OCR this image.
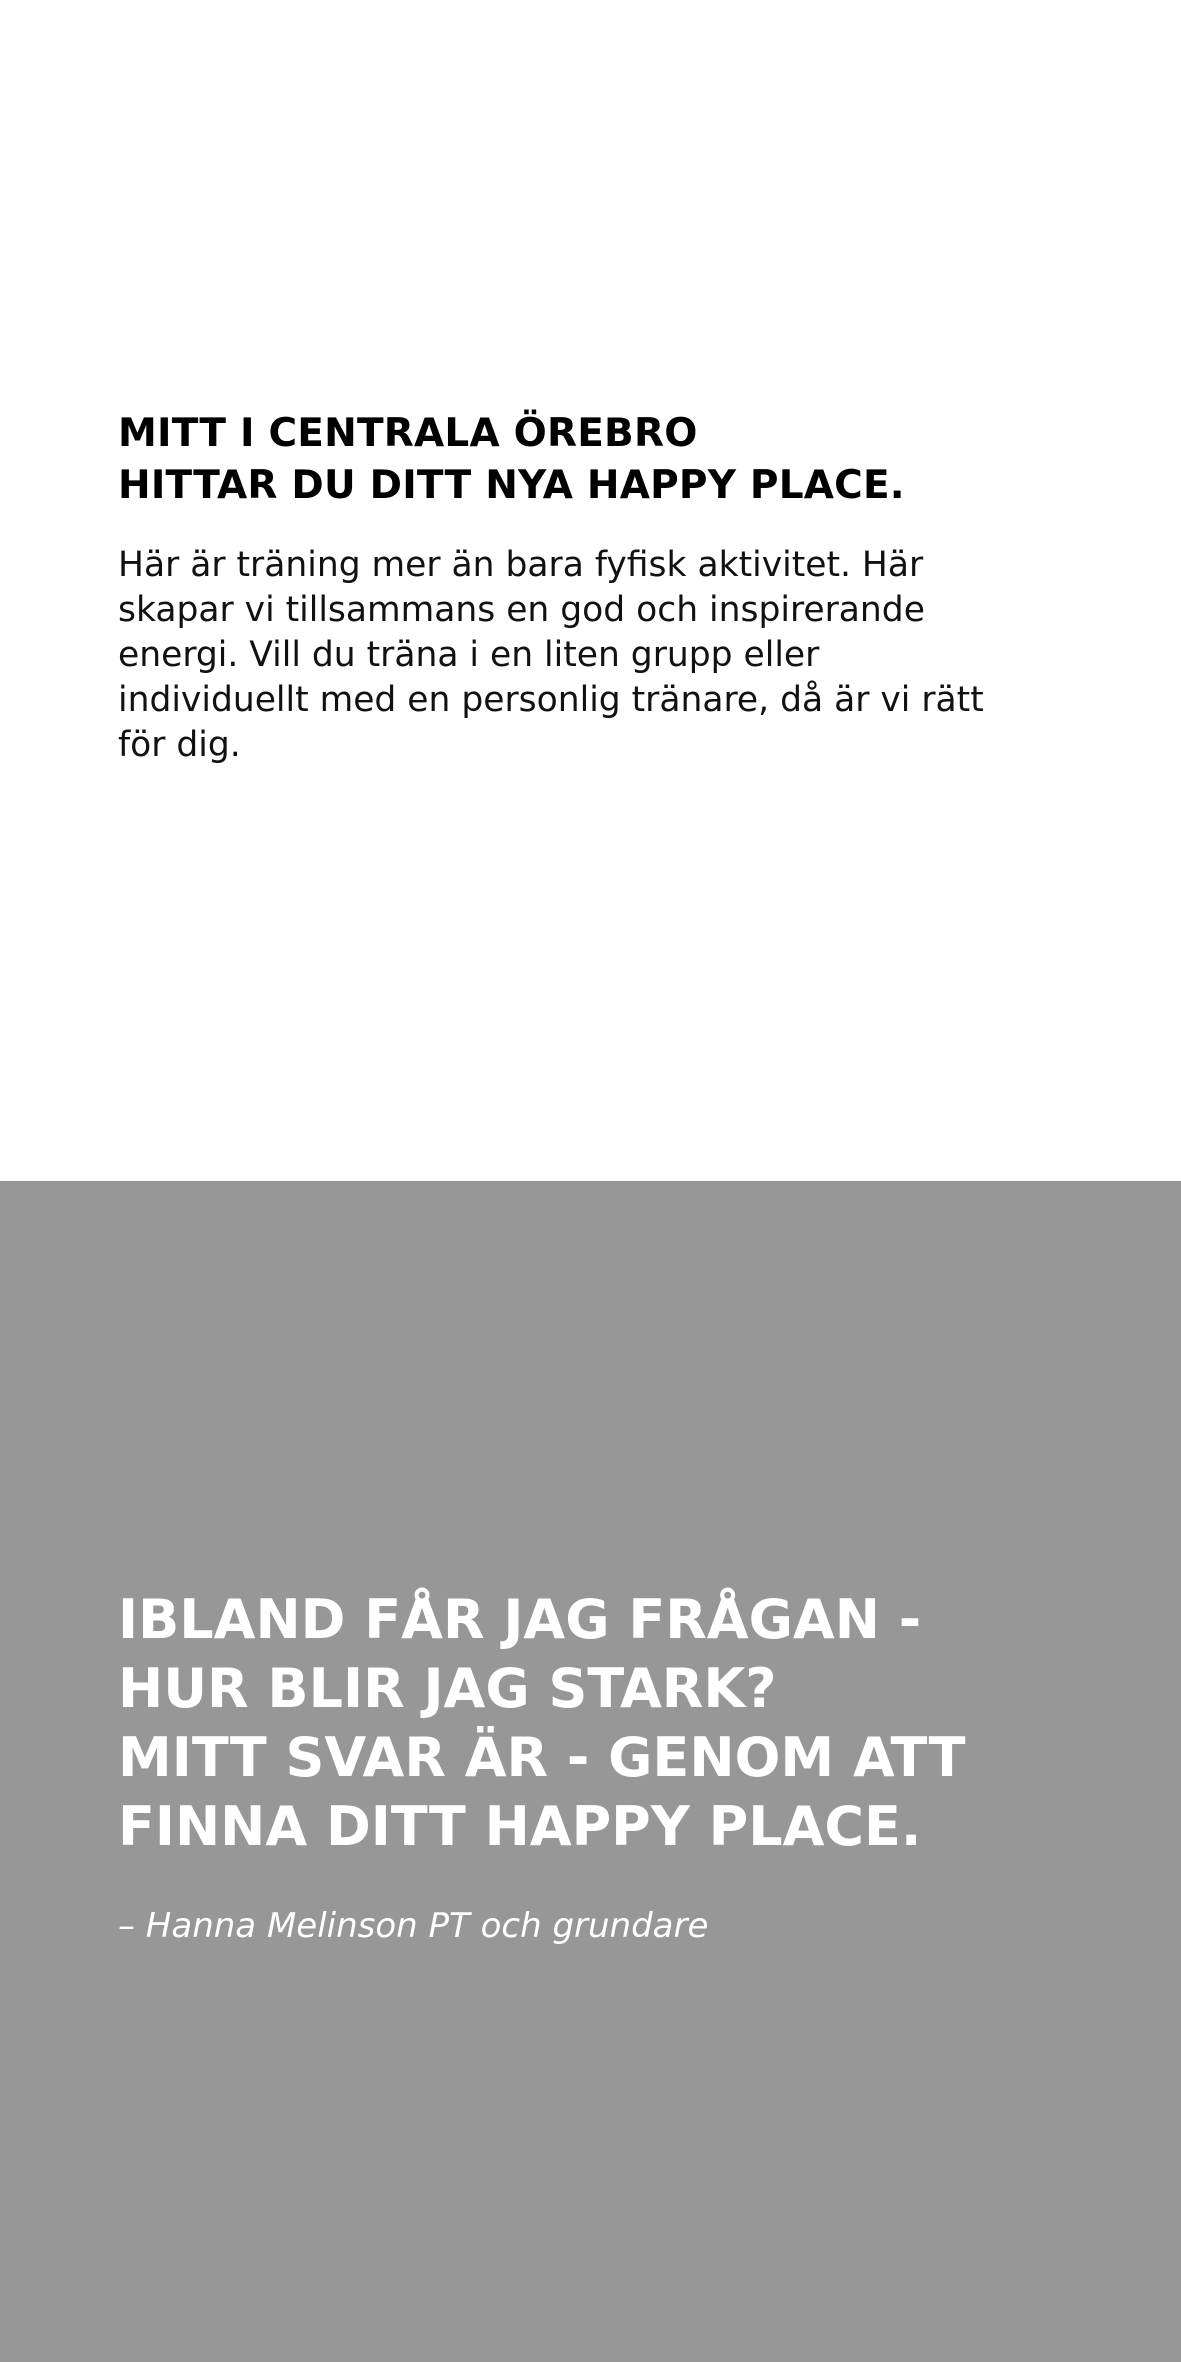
MITT I CENTRALA ÖREBRO
HITTAR DU DITT NYA HAPPY PLACE.

Här är träning mer än bara fyfisk aktivitet. Här
skapar vi tillsammans en god och inspirerande
energi. Vill du träna i en liten grupp eller
individuellt med en personlig tränare, då är vi rätt
för dig.

IBLAND FÅR JAG FRÅGAN -
HUR BLIR JAG STARK?
MITT SVAR ÄR - GENOM ATT
FINNA DITT HAPPY PLACE.

– Hanna Melinson PT och grundare
